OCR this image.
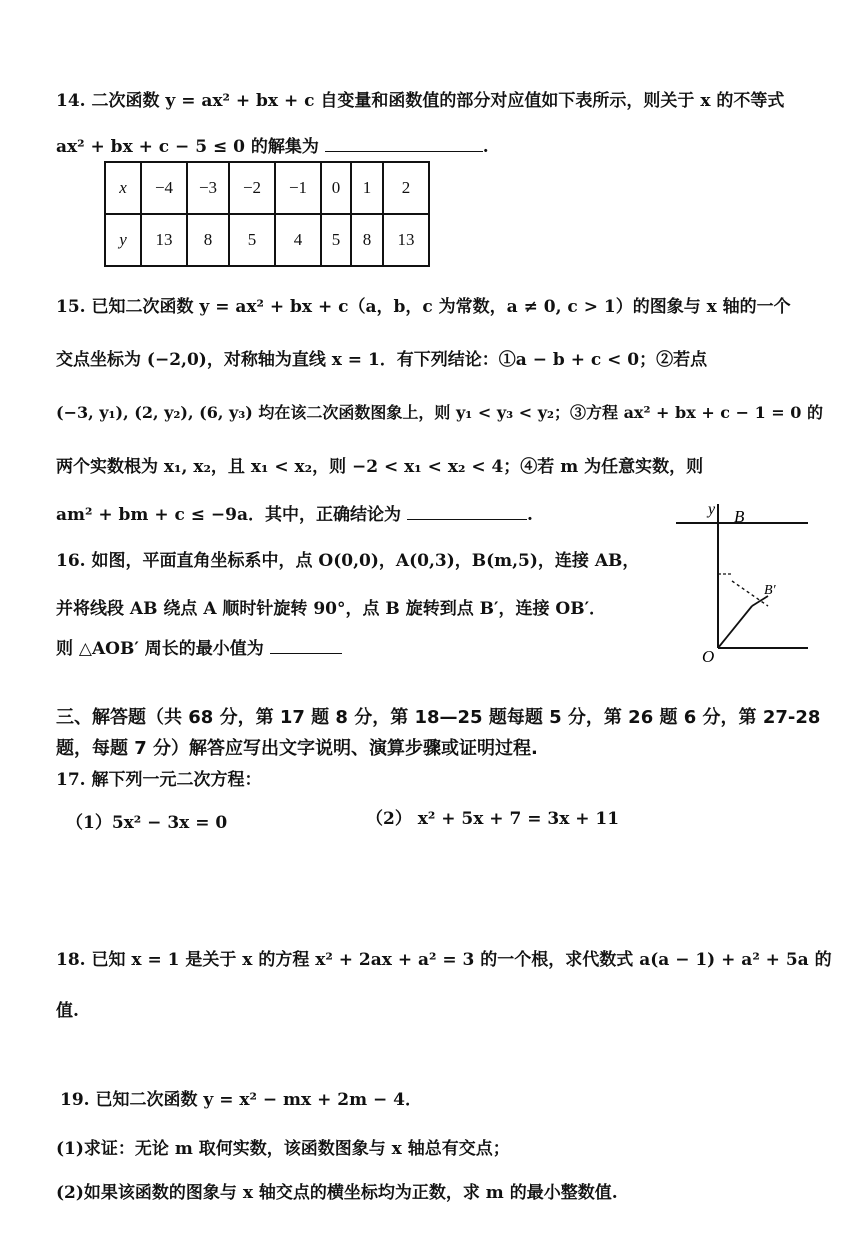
14. 二次函数 y = ax² + bx + c 自变量和函数值的部分对应值如下表所示，则关于 x 的不等式
ax² + bx + c − 5 ≤ 0 的解集为	.
x	−4	−3	−2	−1	0	1	2
y	13	8	5	4	5	8	13
15. 已知二次函数 y = ax² + bx + c（a，b，c 为常数，a ≠ 0, c > 1）的图象与 x 轴的一个
交点坐标为 (−2,0)，对称轴为直线 x = 1．有下列结论：①a − b + c < 0；②若点
(−3, y₁), (2, y₂), (6, y₃) 均在该二次函数图象上，则 y₁ < y₃ < y₂；③方程 ax² + bx + c − 1 = 0 的
两个实数根为 x₁, x₂，且 x₁ < x₂，则 −2 < x₁ < x₂ < 4；④若 m 为任意实数，则
am² + bm + c ≤ −9a．其中，正确结论为	.
16. 如图，平面直角坐标系中，点 O(0,0)，A(0,3)，B(m,5)，连接 AB，
并将线段 AB 绕点 A 顺时针旋转 90°，点 B 旋转到点 B′，连接 OB′．
则 △AOB′ 周长的最小值为
y B
B′
O
三、解答题（共 68 分，第 17 题 8 分，第 18—25 题每题 5 分，第 26 题 6 分，第 27-28
题，每题 7 分）解答应写出文字说明、演算步骤或证明过程.
17. 解下列一元二次方程：
（1）5x² − 3x = 0	（2） x² + 5x + 7 = 3x + 11
18. 已知 x = 1 是关于 x 的方程 x² + 2ax + a² = 3 的一个根，求代数式 a(a − 1) + a² + 5a 的
值.
19. 已知二次函数 y = x² − mx + 2m − 4．
(1)求证：无论 m 取何实数，该函数图象与 x 轴总有交点；
(2)如果该函数的图象与 x 轴交点的横坐标均为正数，求 m 的最小整数值.
